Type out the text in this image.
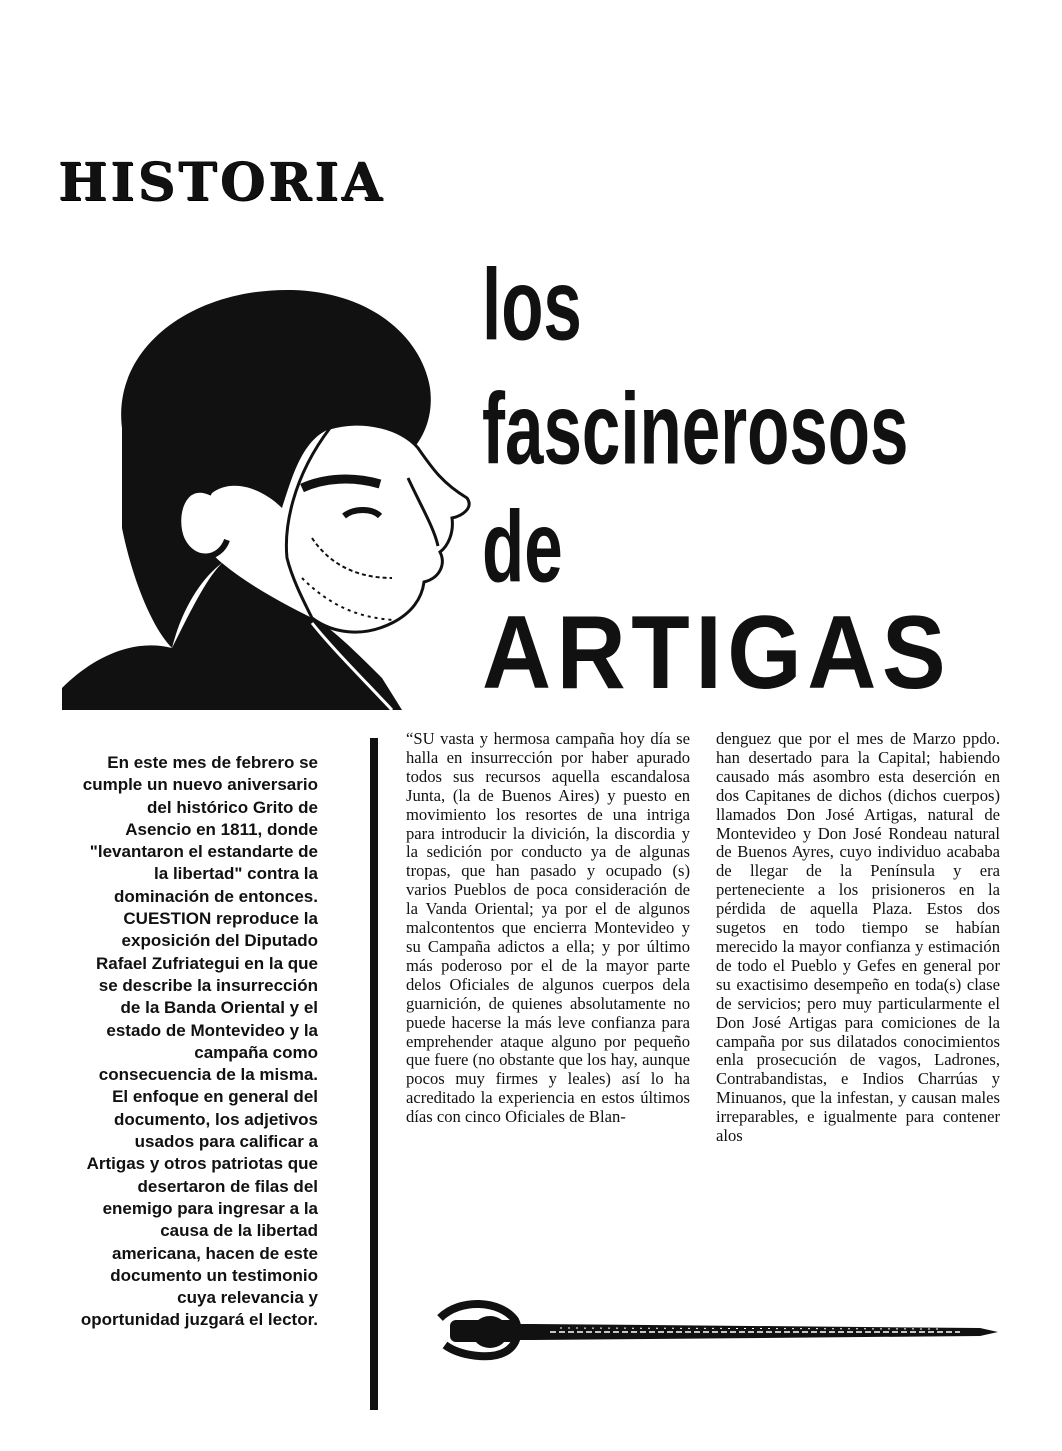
HISTORIA
los
fascinerosos
de
ARTIGAS

En este mes de febrero se cumple un nuevo aniversario del histórico Grito de Asencio en 1811, donde "levantaron el estandarte de la libertad" contra la dominación de entonces. CUESTION reproduce la exposición del Diputado Rafael Zufriategui en la que se describe la insurrección de la Banda Oriental y el estado de Montevideo y la campaña como consecuencia de la misma. El enfoque en general del documento, los adjetivos usados para calificar a Artigas y otros patriotas que desertaron de filas del enemigo para ingresar a la causa de la libertad americana, hacen de este documento un testimonio cuya relevancia y oportunidad juzgará el lector.

“SU vasta y hermosa campaña hoy día se halla en insurrección por haber apurado todos sus recursos aquella escandalosa Junta, (la de Buenos Aires) y puesto en movimiento los resortes de una intriga para introducir la divición, la discordia y la sedición por conducto ya de algunas tropas, que han pasado y ocupado (s) varios Pueblos de poca consideración de la Vanda Oriental; ya por el de algunos malcontentos que encierra Montevideo y su Campaña adictos a ella; y por último más poderoso por el de la mayor parte delos Oficiales de algunos cuerpos dela guarnición, de quienes absolutamente no puede hacerse la más leve confianza para emprehender ataque alguno por pequeño que fuere (no obstante que los hay, aunque pocos muy firmes y leales) así lo ha acreditado la experiencia en estos últimos días con cinco Oficiales de Blan-

denguez que por el mes de Marzo ppdo. han desertado para la Capital; habiendo causado más asombro esta deserción en dos Capitanes de dichos (dichos cuerpos) llamados Don José Artigas, natural de Montevideo y Don José Rondeau natural de Buenos Ayres, cuyo individuo acababa de llegar de la Península y era perteneciente a los prisioneros en la pérdida de aquella Plaza. Estos dos sugetos en todo tiempo se habían merecido la mayor confianza y estimación de todo el Pueblo y Gefes en general por su exactisimo desempeño en toda(s) clase de servicios; pero muy particularmente el Don José Artigas para comiciones de la campaña por sus dilatados conocimientos enla prosecución de vagos, Ladrones, Contrabandistas, e Indios Charrúas y Minuanos, que la infestan, y causan males irreparables, e igualmente para contener alos
